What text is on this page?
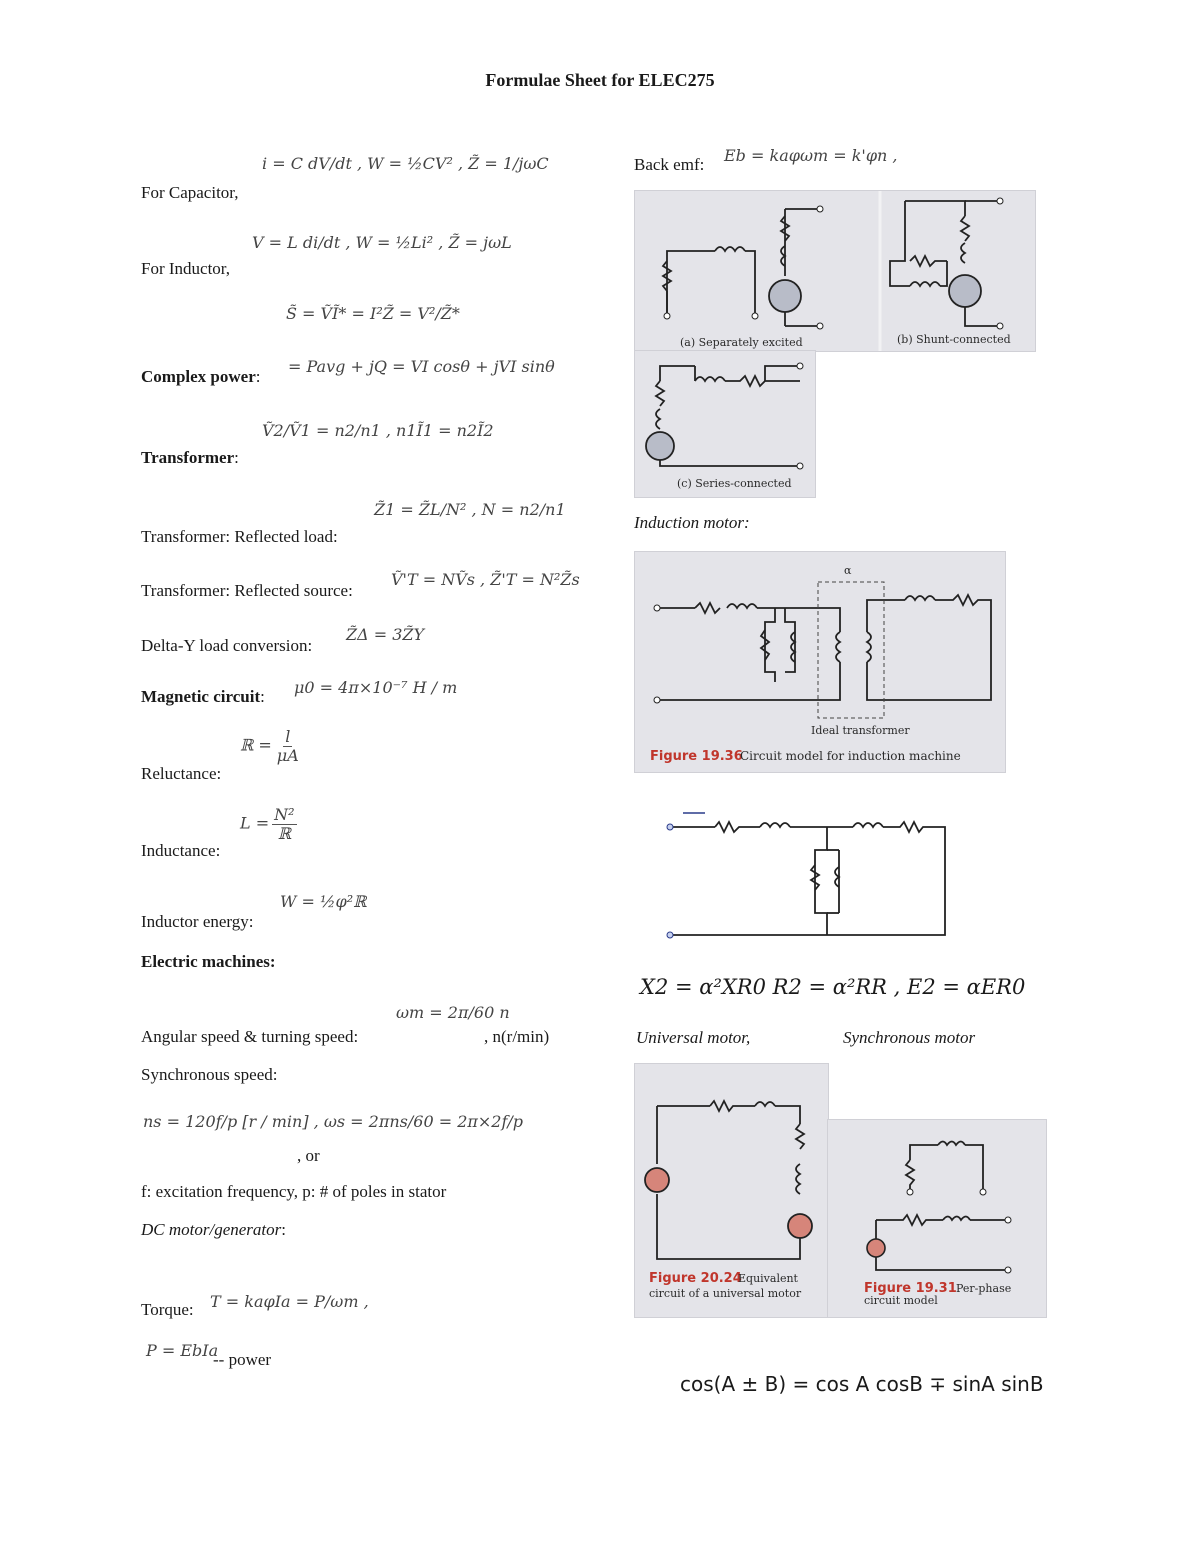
Formulae Sheet for ELEC275
For Capacitor,
i = C dV/dt , W = ½CV² , Z̃ = 1/jωC
For Inductor,
V = L di/dt , W = ½Li² , Z̃ = jωL
S̃ = ṼĨ* = I²Z̃ = V²/Z̃*
Complex power:
= Pavg + jQ = VI cosθ + jVI sinθ
Ṽ2/Ṽ1 = n2/n1 , n1Ĩ1 = n2Ĩ2
Transformer:
Z̃1 = Z̃L/N² , N = n2/n1
Transformer: Reflected load:
Transformer: Reflected source:
Ṽ'T = NṼs , Z̃'T = N²Z̃s
Delta-Y load conversion:
Z̃Δ = 3Z̃Y
Magnetic circuit: μ0 = 4π×10⁻⁷ H / m
Reluctance:
ℝ = $\frac{l}{\mu A}$
Inductance:
$L = \frac{\text{N²}}{\text{ℝ}}$
Inductor energy:
W = ½φ²ℝ
Electric machines:
ωm = 2π/60 n
Angular speed & turning speed:	, n(r/min)
Synchronous speed:
ns = 120f/p [r / min] , ωs = 2πns/60 = 2π×2f/p
, or
f: excitation frequency, p: # of poles in stator
DC motor/generator:
Torque: T = kaφIa = P/ωm ,
P = EbIa
-- power
Back emf: Eb = kaφωm = k'φn ,
(a) Separately excited	(b) Shunt-connected
(c) Series-connected
Induction motor:
α
Ideal transformer
Figure 19.36
Circuit model for induction machine
X2 = α²XR0 R2 = α²RR , E2 = αER0
Universal motor,	Synchronous motor
Figure 20.24
Equivalent
circuit of a universal motor	Figure 19.31 Per-phase
circuit model
cos(A ± B) = cos A cosB ∓ sinA sinB
